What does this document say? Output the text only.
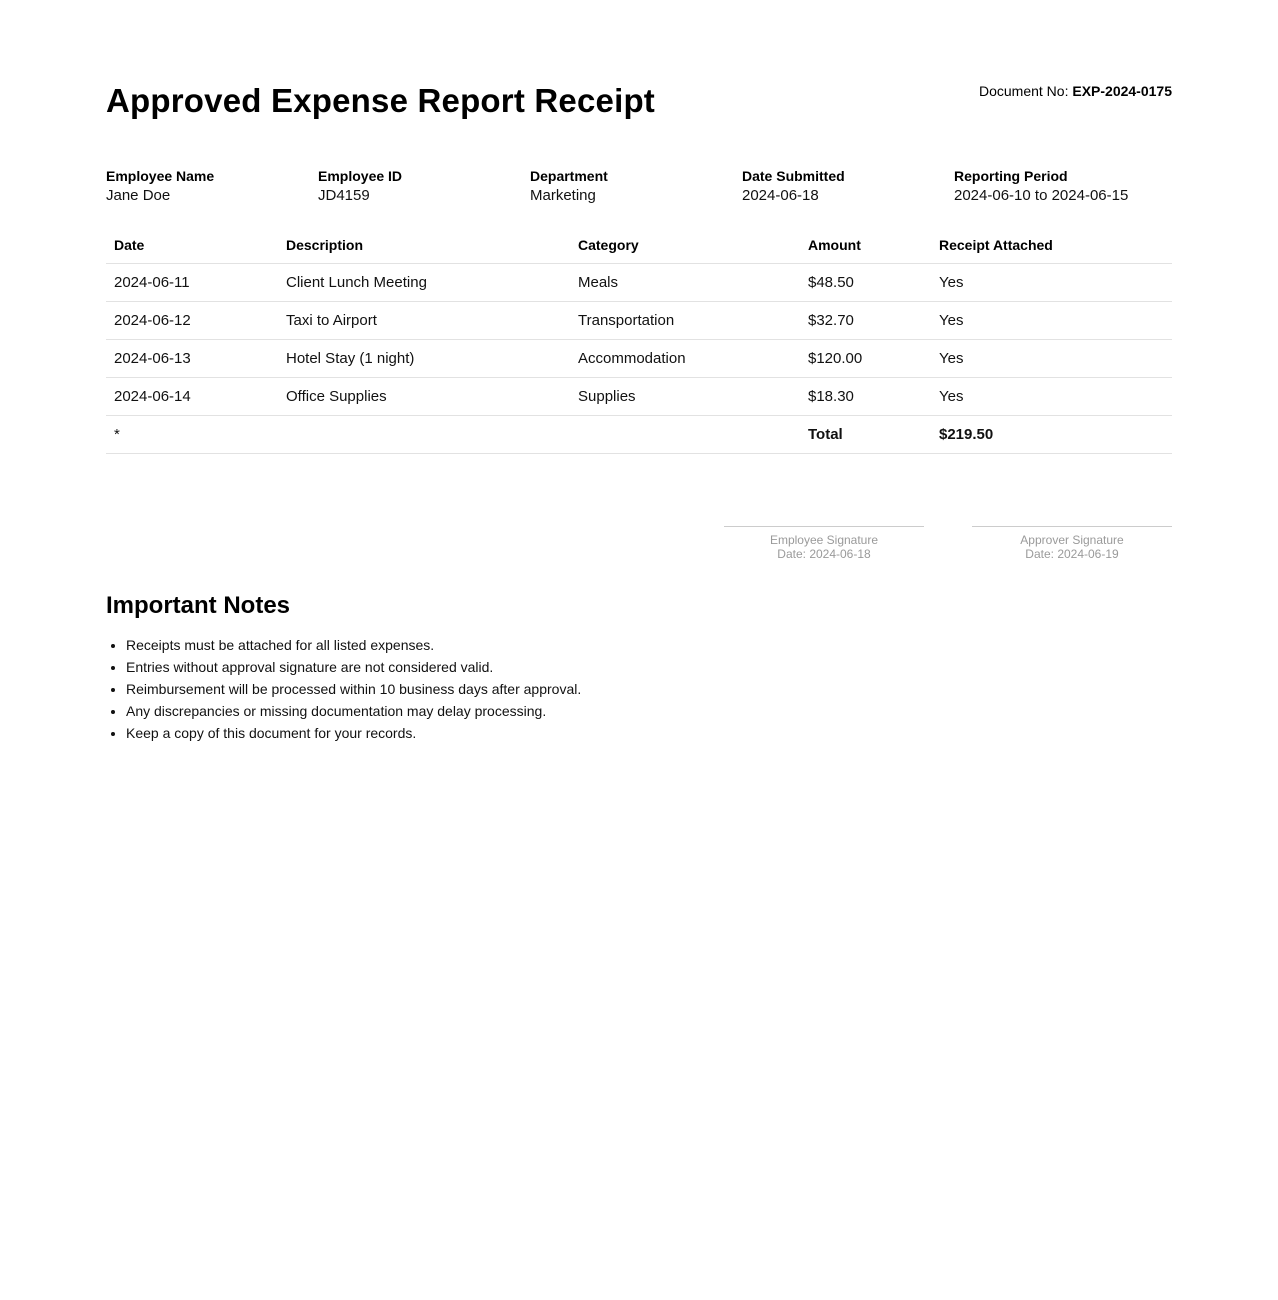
Approved Expense Report Receipt	Document No: EXP-2024-0175
Employee Name
Jane Doe
Employee ID
JD4159
Department
Marketing
Date Submitted
2024-06-18
Reporting Period
2024-06-10 to 2024-06-15
Date	Description	Category	Amount	Receipt Attached
2024-06-11	Client Lunch Meeting	Meals	$48.50	Yes
2024-06-12	Taxi to Airport	Transportation	$32.70	Yes
2024-06-13	Hotel Stay (1 night)	Accommodation	$120.00	Yes
2024-06-14	Office Supplies	Supplies	$18.30	Yes
*			Total	$219.50
Employee Signature
Date: 2024-06-18
Approver Signature
Date: 2024-06-19
Important Notes
• Receipts must be attached for all listed expenses.
• Entries without approval signature are not considered valid.
• Reimbursement will be processed within 10 business days after approval.
• Any discrepancies or missing documentation may delay processing.
• Keep a copy of this document for your records.
